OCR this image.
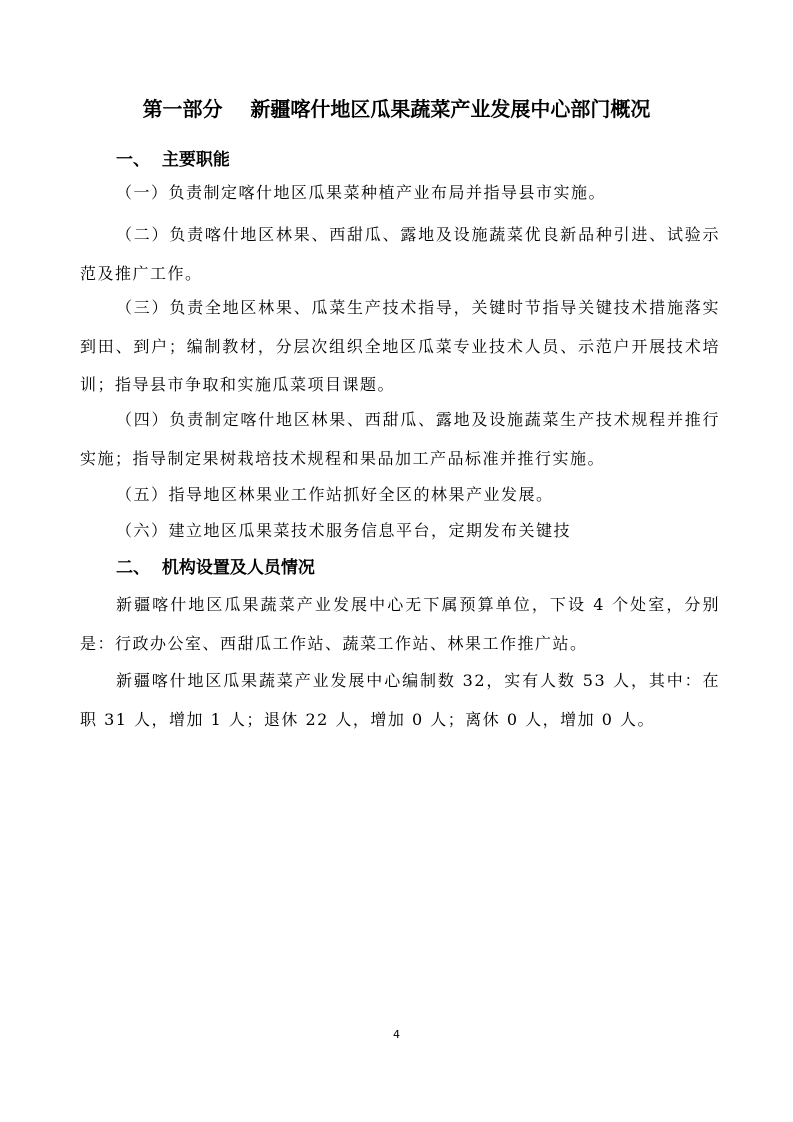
第一部分    新疆喀什地区瓜果蔬菜产业发展中心部门概况
一、  主要职能
（一）负责制定喀什地区瓜果菜种植产业布局并指导县市实施。
（二）负责喀什地区林果、西甜瓜、露地及设施蔬菜优良新品种引进、试验示范及推广工作。
（三）负责全地区林果、瓜菜生产技术指导，关键时节指导关键技术措施落实到田、到户；编制教材，分层次组织全地区瓜菜专业技术人员、示范户开展技术培训；指导县市争取和实施瓜菜项目课题。
（四）负责制定喀什地区林果、西甜瓜、露地及设施蔬菜生产技术规程并推行实施；指导制定果树栽培技术规程和果品加工产品标准并推行实施。
（五）指导地区林果业工作站抓好全区的林果产业发展。
（六）建立地区瓜果菜技术服务信息平台，定期发布关键技
二、  机构设置及人员情况
新疆喀什地区瓜果蔬菜产业发展中心无下属预算单位，下设 4 个处室，分别是：行政办公室、西甜瓜工作站、蔬菜工作站、林果工作推广站。
新疆喀什地区瓜果蔬菜产业发展中心编制数 32，实有人数 53 人，其中：在职 31 人，增加 1 人；退休 22 人，增加 0 人；离休 0 人，增加 0 人。
4
